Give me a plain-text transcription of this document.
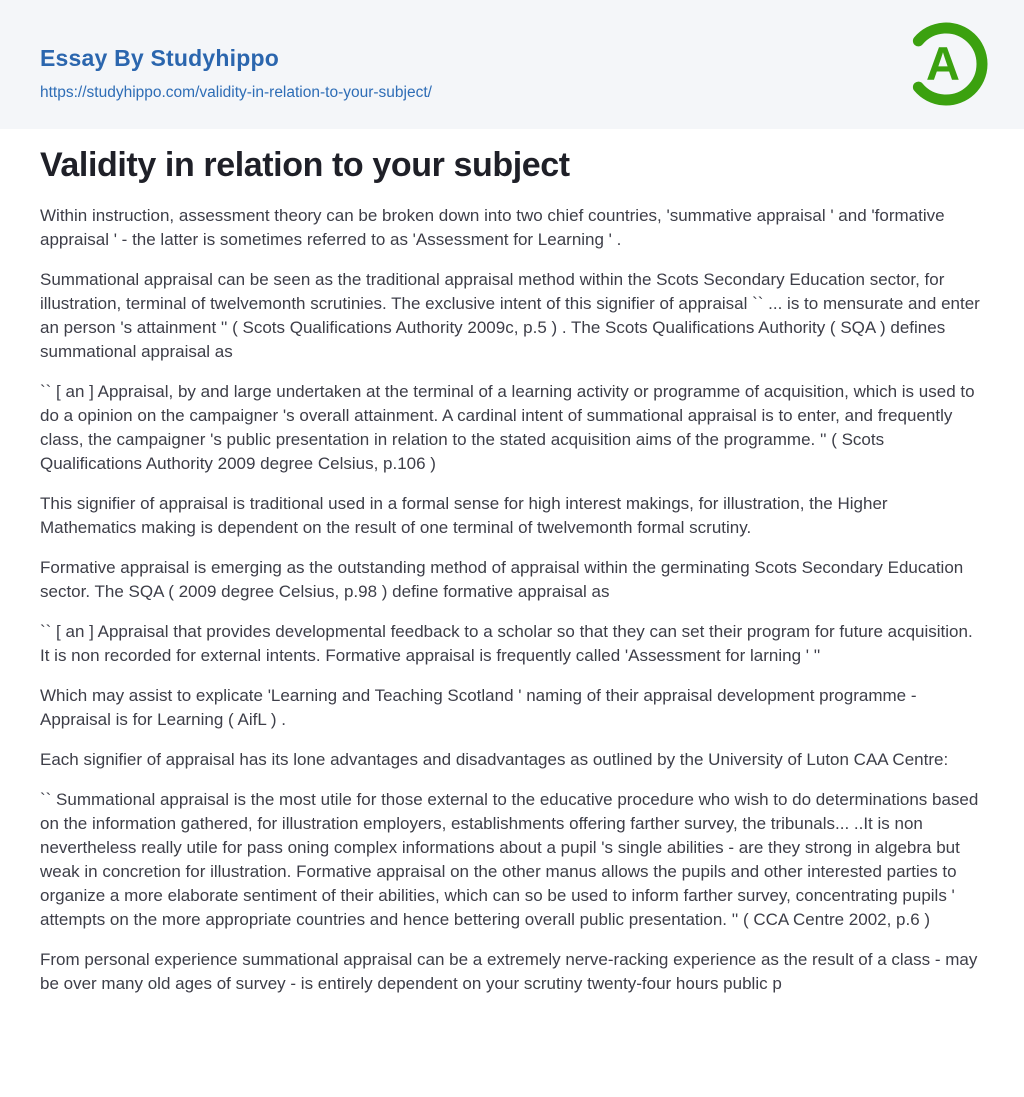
Essay By Studyhippo
https://studyhippo.com/validity-in-relation-to-your-subject/
A
Validity in relation to your subject

Within instruction, assessment theory can be broken down into two chief countries, 'summative appraisal ' and 'formative appraisal ' - the latter is sometimes referred to as 'Assessment for Learning ' .

Summational appraisal can be seen as the traditional appraisal method within the Scots Secondary Education sector, for illustration, terminal of twelvemonth scrutinies. The exclusive intent of this signifier of appraisal `` ... is to mensurate and enter an person 's attainment '' ( Scots Qualifications Authority 2009c, p.5 ) . The Scots Qualifications Authority ( SQA ) defines summational appraisal as

`` [ an ] Appraisal, by and large undertaken at the terminal of a learning activity or programme of acquisition, which is used to do a opinion on the campaigner 's overall attainment. A cardinal intent of summational appraisal is to enter, and frequently class, the campaigner 's public presentation in relation to the stated acquisition aims of the programme. '' ( Scots Qualifications Authority 2009 degree Celsius, p.106 )

This signifier of appraisal is traditional used in a formal sense for high interest makings, for illustration, the Higher Mathematics making is dependent on the result of one terminal of twelvemonth formal scrutiny.

Formative appraisal is emerging as the outstanding method of appraisal within the germinating Scots Secondary Education sector. The SQA ( 2009 degree Celsius, p.98 ) define formative appraisal as

`` [ an ] Appraisal that provides developmental feedback to a scholar so that they can set their program for future acquisition. It is non recorded for external intents. Formative appraisal is frequently called 'Assessment for larning ' ''

Which may assist to explicate 'Learning and Teaching Scotland ' naming of their appraisal development programme - Appraisal is for Learning ( AifL ) .

Each signifier of appraisal has its lone advantages and disadvantages as outlined by the University of Luton CAA Centre:

`` Summational appraisal is the most utile for those external to the educative procedure who wish to do determinations based on the information gathered, for illustration employers, establishments offering farther survey, the tribunals... ..It is non nevertheless really utile for pass oning complex informations about a pupil 's single abilities - are they strong in algebra but weak in concretion for illustration. Formative appraisal on the other manus allows the pupils and other interested parties to organize a more elaborate sentiment of their abilities, which can so be used to inform farther survey, concentrating pupils ' attempts on the more appropriate countries and hence bettering overall public presentation. '' ( CCA Centre 2002, p.6 )

From personal experience summational appraisal can be a extremely nerve-racking experience as the result of a class - may be over many old ages of survey - is entirely dependent on your scrutiny twenty-four hours public p
